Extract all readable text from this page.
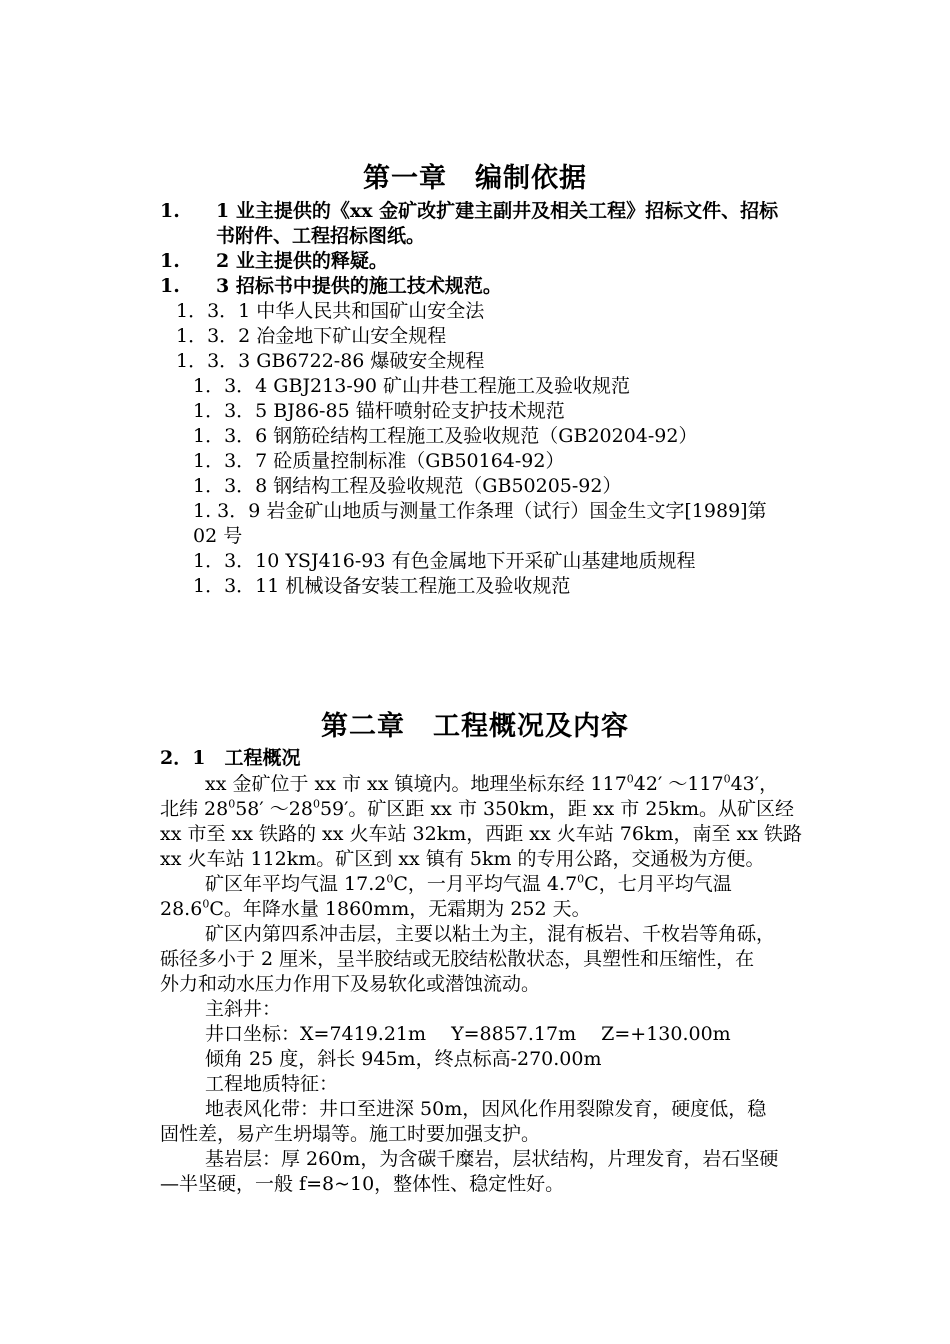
第一章　编制依据
1. 1 业主提供的《xx 金矿改扩建主副井及相关工程》招标文件、招标
书附件、工程招标图纸。
1. 2 业主提供的释疑。
1. 3 招标书中提供的施工技术规范。
1．3．1 中华人民共和国矿山安全法
1．3．2 冶金地下矿山安全规程
1．3．3 GB6722-86 爆破安全规程
1．3．4 GBJ213-90 矿山井巷工程施工及验收规范
1．3．5 BJ86-85 锚杆喷射砼支护技术规范
1．3．6 钢筋砼结构工程施工及验收规范（GB20204-92）
1．3．7 砼质量控制标准（GB50164-92）
1．3．8 钢结构工程及验收规范（GB50205-92）
1. 3．9 岩金矿山地质与测量工作条理（试行）国金生文字[1989]第
02 号
1．3．10 YSJ416-93 有色金属地下开采矿山基建地质规程
1．3．11 机械设备安装工程施工及验收规范
第二章　工程概况及内容
2．1　工程概况
xx 金矿位于 xx 市 xx 镇境内。地理坐标东经 $117^042'$ $\sim 117^043'$，
北纬 $28^058'$ $\sim 28^059'$。矿区距 xx 市 350km，距 xx 市 25km。从矿区经
xx 市至 xx 铁路的 xx 火车站 32km，西距 xx 火车站 76km，南至 xx 铁路
xx 火车站 112km。矿区到 xx 镇有 5km 的专用公路，交通极为方便。
矿区年平均气温 17.2$^0$C，一月平均气温 $4.7^0C$，七月平均气温
28.6$^0$C。年降水量 1860mm，无霜期为 252 天。
矿区内第四系冲击层，主要以粘土为主，混有板岩、千枚岩等角砾，
砾径多小于 2 厘米，呈半胶结或无胶结松散状态，具塑性和压缩性，在
外力和动水压力作用下及易软化或潜蚀流动。
主斜井：
井口坐标：X=7419.21m　 Y=8857.17m　 Z=+130.00m
倾角 25 度，斜长 945m，终点标高-270.00m
工程地质特征：
地表风化带：井口至进深 50m，因风化作用裂隙发育，硬度低，稳
固性差，易产生坍塌等。施工时要加强支护。
基岩层：厚 260m，为含碳千糜岩，层状结构，片理发育，岩石坚硬
—半坚硬，一般 f=8~10，整体性、稳定性好。
